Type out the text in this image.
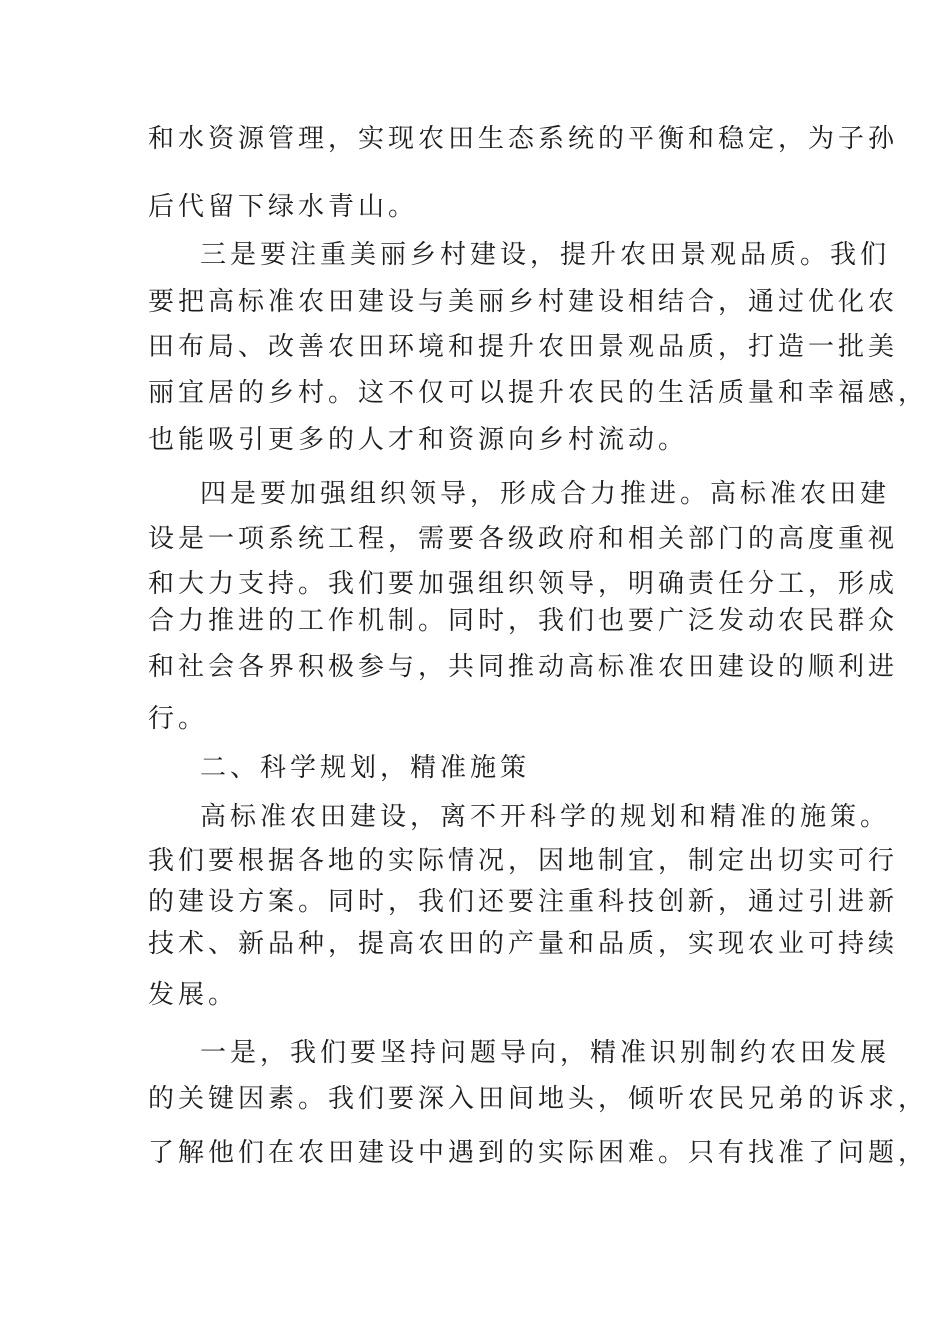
和水资源管理，实现农田生态系统的平衡和稳定，为子孙
后代留下绿水青山。
三是要注重美丽乡村建设，提升农田景观品质。我们
要把高标准农田建设与美丽乡村建设相结合，通过优化农
田布局、改善农田环境和提升农田景观品质，打造一批美
丽宜居的乡村。这不仅可以提升农民的生活质量和幸福感，
也能吸引更多的人才和资源向乡村流动。
四是要加强组织领导，形成合力推进。高标准农田建
设是一项系统工程，需要各级政府和相关部门的高度重视
和大力支持。我们要加强组织领导，明确责任分工，形成
合力推进的工作机制。同时，我们也要广泛发动农民群众
和社会各界积极参与，共同推动高标准农田建设的顺利进
行。
二、科学规划，精准施策
高标准农田建设，离不开科学的规划和精准的施策。
我们要根据各地的实际情况，因地制宜，制定出切实可行
的建设方案。同时，我们还要注重科技创新，通过引进新
技术、新品种，提高农田的产量和品质，实现农业可持续
发展。
一是，我们要坚持问题导向，精准识别制约农田发展
的关键因素。我们要深入田间地头，倾听农民兄弟的诉求，
了解他们在农田建设中遇到的实际困难。只有找准了问题，
